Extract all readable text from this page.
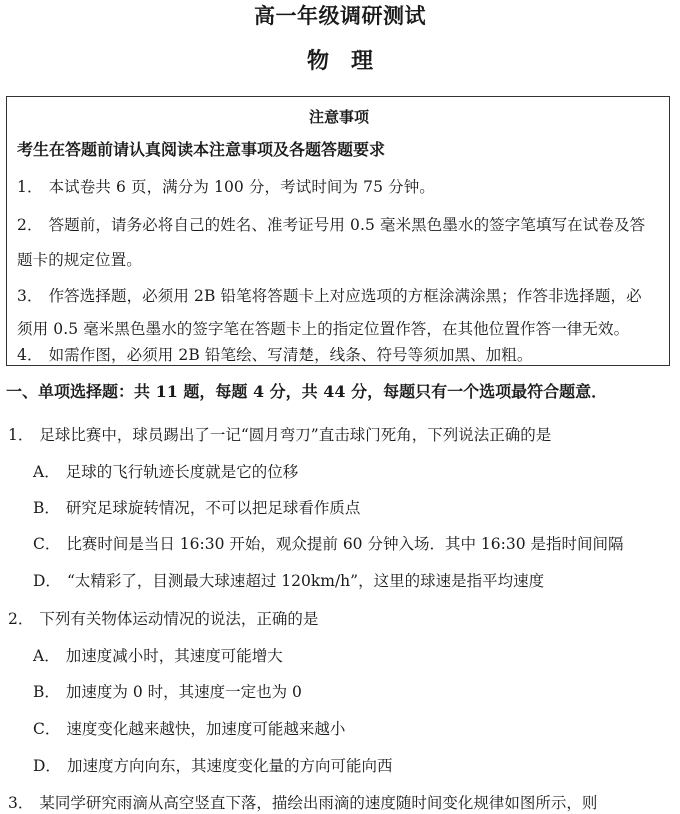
高一年级调研测试
物 理
注意事项
考生在答题前请认真阅读本注意事项及各题答题要求
1． 本试卷共 6 页，满分为 100 分，考试时间为 75 分钟。
2． 答题前，请务必将自己的姓名、准考证号用 0.5 毫米黑色墨水的签字笔填写在试卷及答
题卡的规定位置。
3． 作答选择题，必须用 2B 铅笔将答题卡上对应选项的方框涂满涂黑；作答非选择题，必
须用 0.5 毫米黑色墨水的签字笔在答题卡上的指定位置作答，在其他位置作答一律无效。
4． 如需作图，必须用 2B 铅笔绘、写清楚，线条、符号等须加黑、加粗。
一、单项选择题：共 11 题，每题 4 分，共 44 分，每题只有一个选项最符合题意．
1． 足球比赛中，球员踢出了一记“圆月弯刀”直击球门死角，下列说法正确的是
A． 足球的飞行轨迹长度就是它的位移
B． 研究足球旋转情况，不可以把足球看作质点
C． 比赛时间是当日 16:30 开始，观众提前 60 分钟入场．其中 16:30 是指时间间隔
D． “太精彩了，目测最大球速超过 120km/h”，这里的球速是指平均速度
2． 下列有关物体运动情况的说法，正确的是
A． 加速度减小时，其速度可能增大
B． 加速度为 0 时，其速度一定也为 0
C． 速度变化越来越快，加速度可能越来越小
D． 加速度方向向东，其速度变化量的方向可能向西
3． 某同学研究雨滴从高空竖直下落，描绘出雨滴的速度随时间变化规律如图所示，则
